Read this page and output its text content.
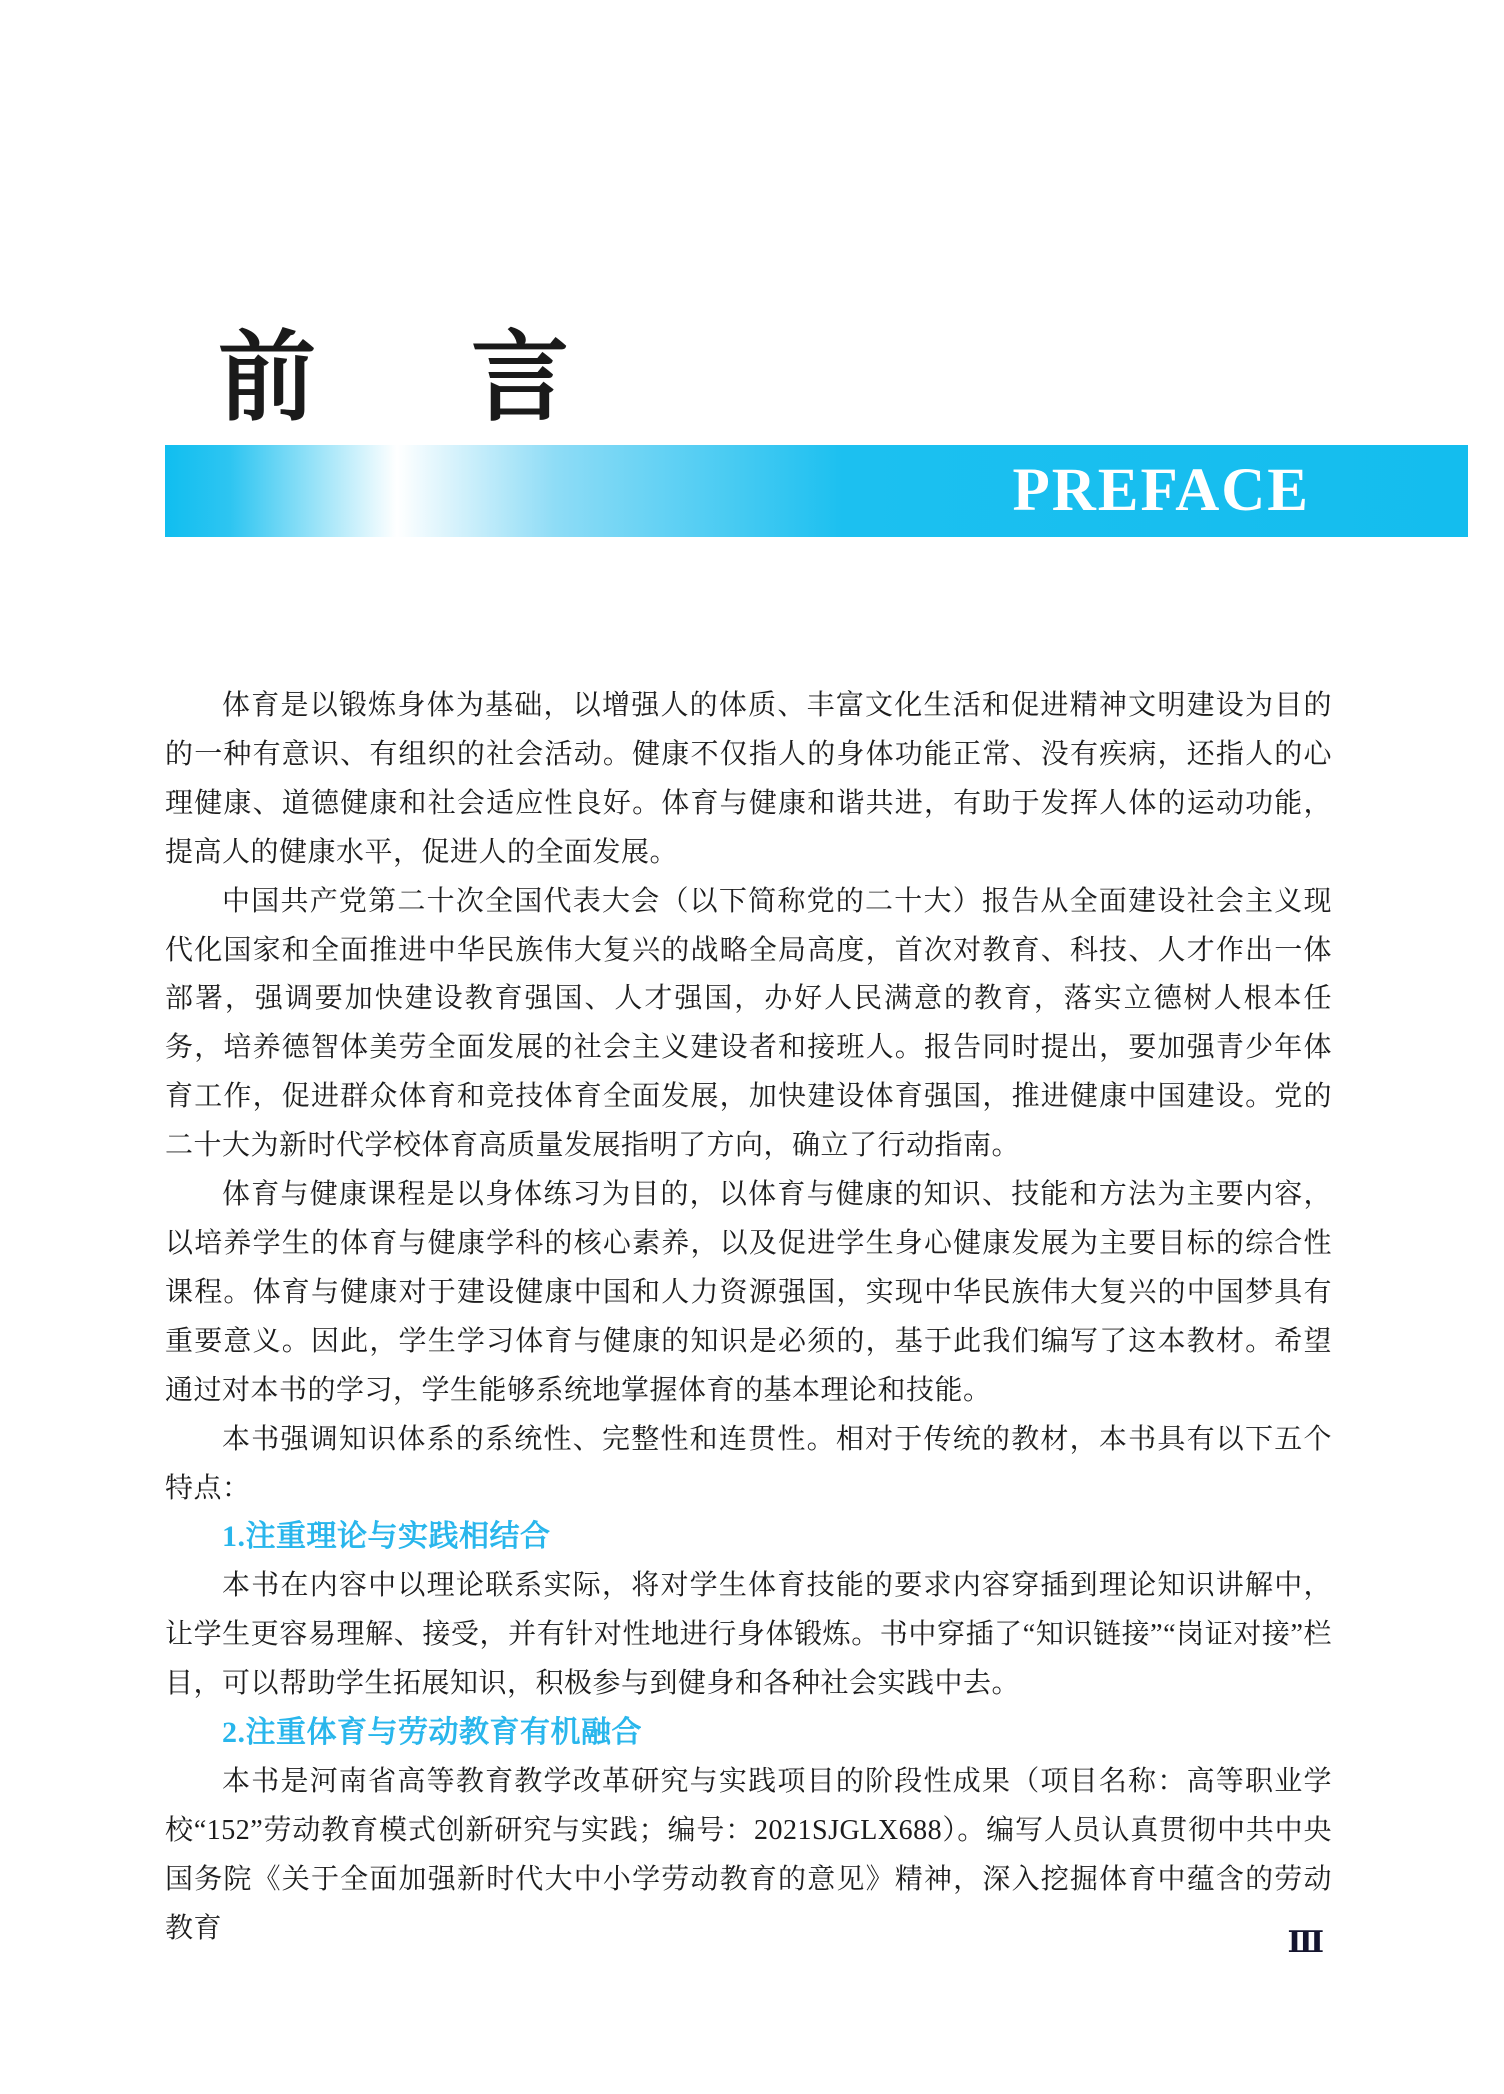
前 言
PREFACE

体育是以锻炼身体为基础，以增强人的体质、丰富文化生活和促进精神文明建设为目的的一种有意识、有组织的社会活动。健康不仅指人的身体功能正常、没有疾病，还指人的心理健康、道德健康和社会适应性良好。体育与健康和谐共进，有助于发挥人体的运动功能，提高人的健康水平，促进人的全面发展。

中国共产党第二十次全国代表大会（以下简称党的二十大）报告从全面建设社会主义现代化国家和全面推进中华民族伟大复兴的战略全局高度，首次对教育、科技、人才作出一体部署，强调要加快建设教育强国、人才强国，办好人民满意的教育，落实立德树人根本任务，培养德智体美劳全面发展的社会主义建设者和接班人。报告同时提出，要加强青少年体育工作，促进群众体育和竞技体育全面发展，加快建设体育强国，推进健康中国建设。党的二十大为新时代学校体育高质量发展指明了方向，确立了行动指南。

体育与健康课程是以身体练习为目的，以体育与健康的知识、技能和方法为主要内容，以培养学生的体育与健康学科的核心素养，以及促进学生身心健康发展为主要目标的综合性课程。体育与健康对于建设健康中国和人力资源强国，实现中华民族伟大复兴的中国梦具有重要意义。因此，学生学习体育与健康的知识是必须的，基于此我们编写了这本教材。希望通过对本书的学习，学生能够系统地掌握体育的基本理论和技能。

本书强调知识体系的系统性、完整性和连贯性。相对于传统的教材，本书具有以下五个特点：

1.注重理论与实践相结合

本书在内容中以理论联系实际，将对学生体育技能的要求内容穿插到理论知识讲解中，让学生更容易理解、接受，并有针对性地进行身体锻炼。书中穿插了“知识链接”“岗证对接”栏目，可以帮助学生拓展知识，积极参与到健身和各种社会实践中去。

2.注重体育与劳动教育有机融合

本书是河南省高等教育教学改革研究与实践项目的阶段性成果（项目名称：高等职业学校“152”劳动教育模式创新研究与实践；编号：2021SJGLX688）。编写人员认真贯彻中共中央国务院《关于全面加强新时代大中小学劳动教育的意见》精神，深入挖掘体育中蕴含的劳动教育	Ⅲ
